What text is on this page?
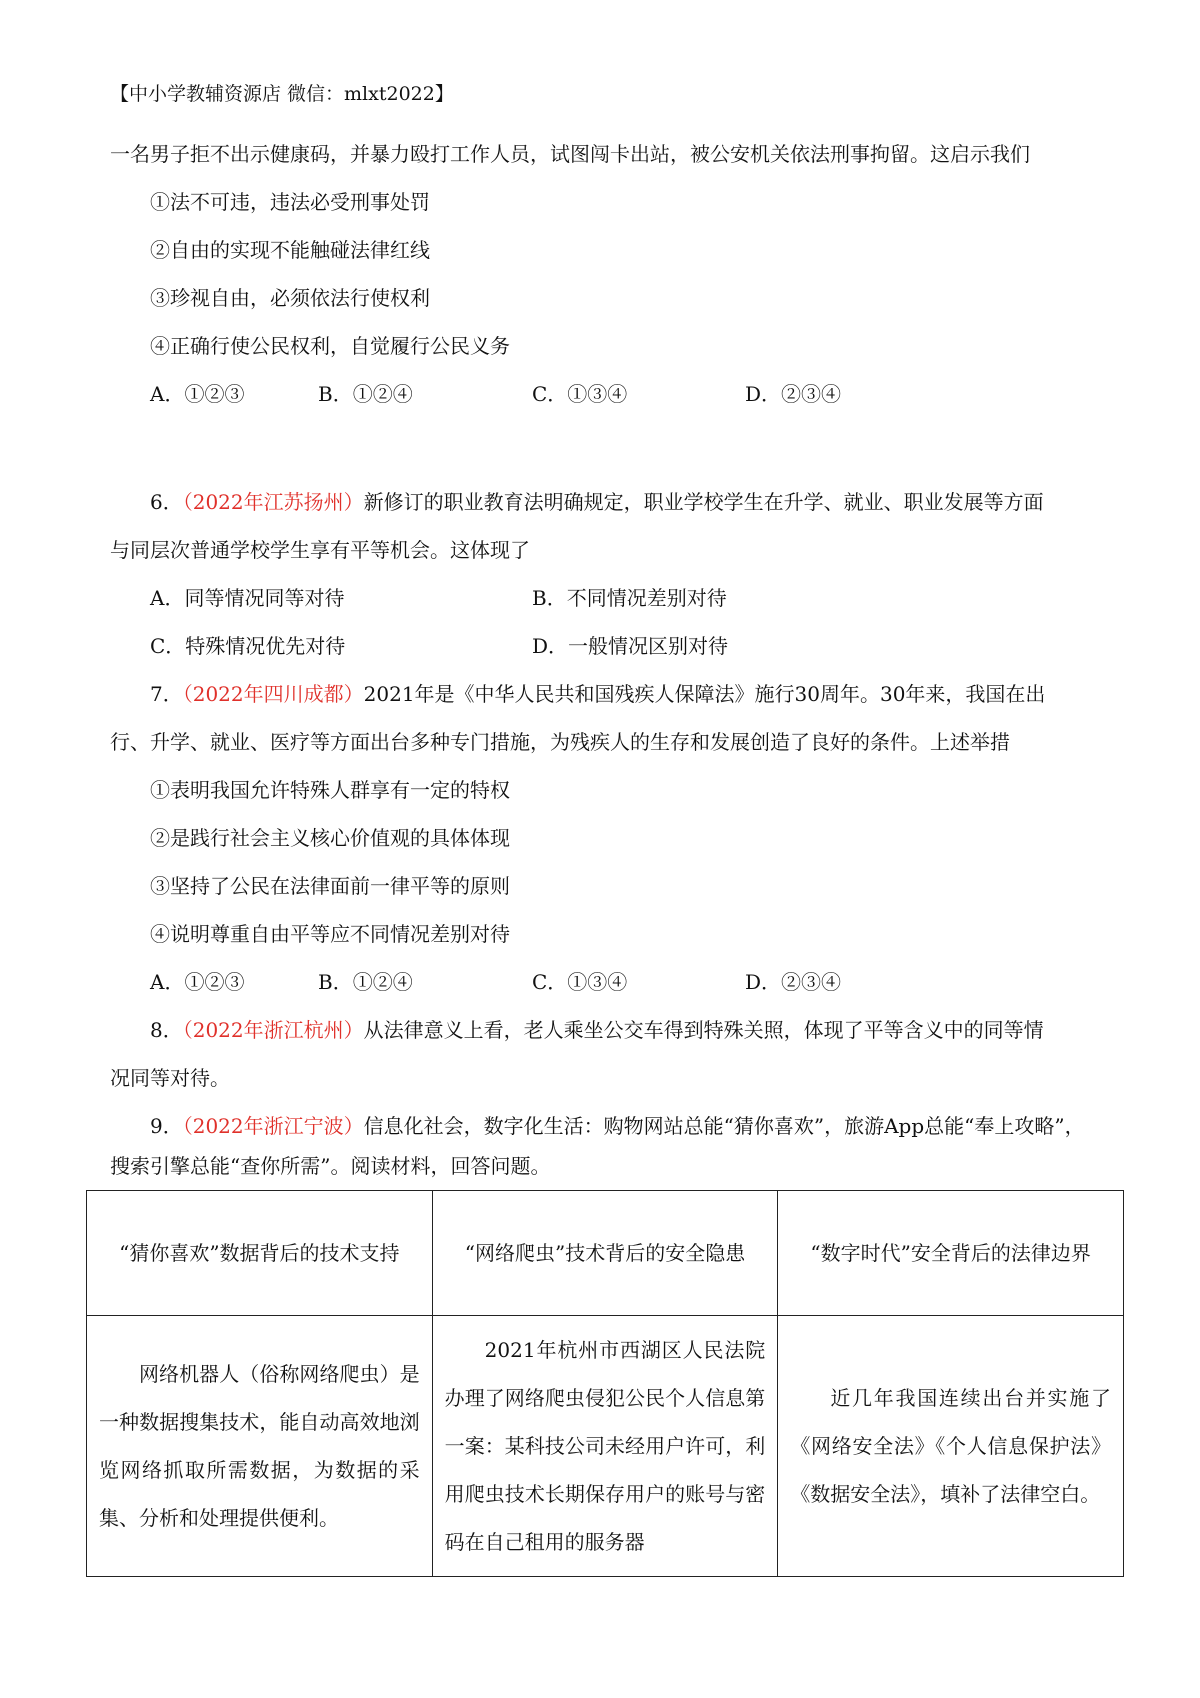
【中小学教辅资源店 微信：mlxt2022】
一名男子拒不出示健康码，并暴力殴打工作人员，试图闯卡出站，被公安机关依法刑事拘留。这启示我们
①法不可违，违法必受刑事处罚
②自由的实现不能触碰法律红线
③珍视自由，必须依法行使权利
④正确行使公民权利，自觉履行公民义务
A．①②③	B．①②④	C．①③④	D．②③④
6．（2022年江苏扬州）新修订的职业教育法明确规定，职业学校学生在升学、就业、职业发展等方面
与同层次普通学校学生享有平等机会。这体现了
A．同等情况同等对待	B．不同情况差别对待
C．特殊情况优先对待	D．一般情况区别对待
7．（2022年四川成都）2021年是《中华人民共和国残疾人保障法》施行30周年。30年来，我国在出
行、升学、就业、医疗等方面出台多种专门措施，为残疾人的生存和发展创造了良好的条件。上述举措
①表明我国允许特殊人群享有一定的特权
②是践行社会主义核心价值观的具体体现
③坚持了公民在法律面前一律平等的原则
④说明尊重自由平等应不同情况差别对待
A．①②③	B．①②④	C．①③④	D．②③④
8．（2022年浙江杭州）从法律意义上看，老人乘坐公交车得到特殊关照，体现了平等含义中的同等情
况同等对待。
9．（2022年浙江宁波）信息化社会，数字化生活：购物网站总能“猜你喜欢”，旅游App总能“奉上攻略”，
搜索引擎总能“查你所需”。阅读材料，回答问题。
“猜你喜欢”数据背后的技术支持	“网络爬虫”技术背后的安全隐患	“数字时代”安全背后的法律边界
网络机器人（俗称网络爬虫）是一种数据搜集技术，能自动高效地浏览网络抓取所需数据，为数据的采集、分析和处理提供便利。	2021年杭州市西湖区人民法院办理了网络爬虫侵犯公民个人信息第一案：某科技公司未经用户许可，利用爬虫技术长期保存用户的账号与密码在自己租用的服务器	近几年我国连续出台并实施了《网络安全法》《个人信息保护法》《数据安全法》，填补了法律空白。
